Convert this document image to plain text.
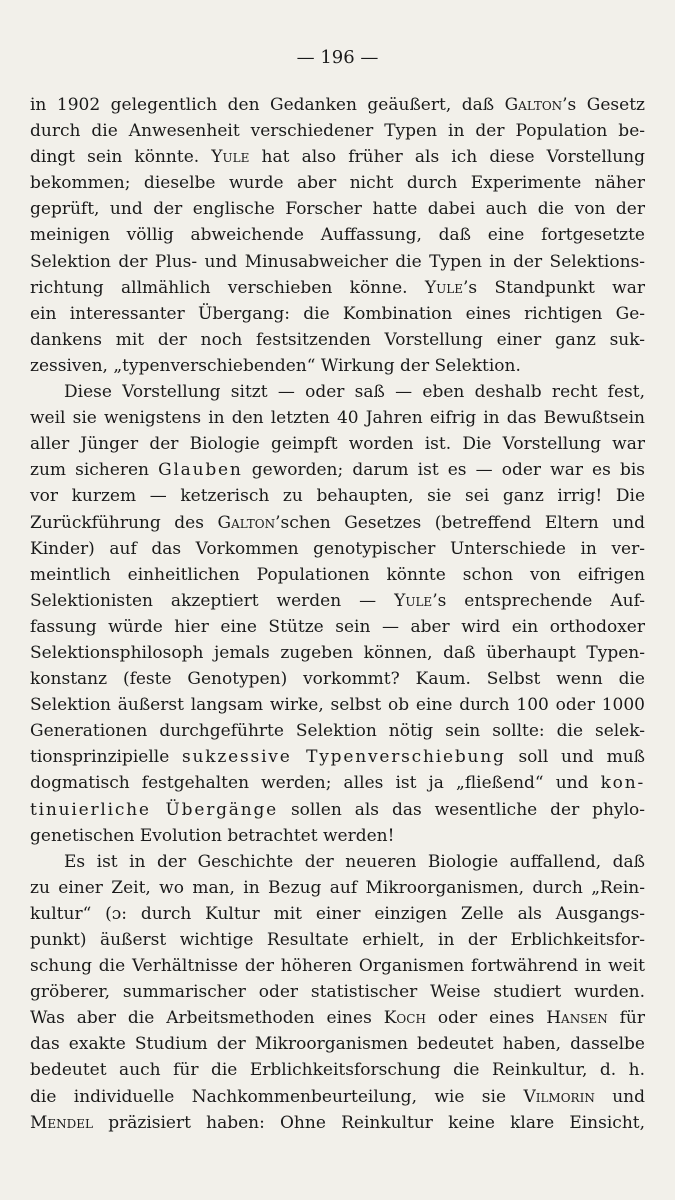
— 196 —
in 1902 gelegentlich den Gedanken geäußert, daß Galton’s Gesetz
durch die Anwesenheit verschiedener Typen in der Population be-
dingt sein könnte. Yule hat also früher als ich diese Vorstellung
bekommen; dieselbe wurde aber nicht durch Experimente näher
geprüft, und der englische Forscher hatte dabei auch die von der
meinigen völlig abweichende Auffassung, daß eine fortgesetzte
Selektion der Plus- und Minusabweicher die Typen in der Selektions-
richtung allmählich verschieben könne. Yule’s Standpunkt war
ein interessanter Übergang: die Kombination eines richtigen Ge-
dankens mit der noch festsitzenden Vorstellung einer ganz suk-
zessiven, „typenverschiebenden“ Wirkung der Selektion.
Diese Vorstellung sitzt — oder saß — eben deshalb recht fest,
weil sie wenigstens in den letzten 40 Jahren eifrig in das Bewußtsein
aller Jünger der Biologie geimpft worden ist. Die Vorstellung war
zum sicheren Glauben geworden; darum ist es — oder war es bis
vor kurzem — ketzerisch zu behaupten, sie sei ganz irrig! Die
Zurückführung des Galton’schen Gesetzes (betreffend Eltern und
Kinder) auf das Vorkommen genotypischer Unterschiede in ver-
meintlich einheitlichen Populationen könnte schon von eifrigen
Selektionisten akzeptiert werden — Yule’s entsprechende Auf-
fassung würde hier eine Stütze sein — aber wird ein orthodoxer
Selektionsphilosoph jemals zugeben können, daß überhaupt Typen-
konstanz (feste Genotypen) vorkommt? Kaum. Selbst wenn die
Selektion äußerst langsam wirke, selbst ob eine durch 100 oder 1000
Generationen durchgeführte Selektion nötig sein sollte: die selek-
tionsprinzipielle sukzessive Typenverschiebung soll und muß
dogmatisch festgehalten werden; alles ist ja „fließend“ und kon-
tinuierliche Übergänge sollen als das wesentliche der phylo-
genetischen Evolution betrachtet werden!
Es ist in der Geschichte der neueren Biologie auffallend, daß
zu einer Zeit, wo man, in Bezug auf Mikroorganismen, durch „Rein-
kultur“ (ɔ: durch Kultur mit einer einzigen Zelle als Ausgangs-
punkt) äußerst wichtige Resultate erhielt, in der Erblichkeitsfor-
schung die Verhältnisse der höheren Organismen fortwährend in weit
gröberer, summarischer oder statistischer Weise studiert wurden.
Was aber die Arbeitsmethoden eines Koch oder eines Hansen für
das exakte Studium der Mikroorganismen bedeutet haben, dasselbe
bedeutet auch für die Erblichkeitsforschung die Reinkultur, d. h.
die individuelle Nachkommenbeurteilung, wie sie Vilmorin und
Mendel präzisiert haben: Ohne Reinkultur keine klare Einsicht,
